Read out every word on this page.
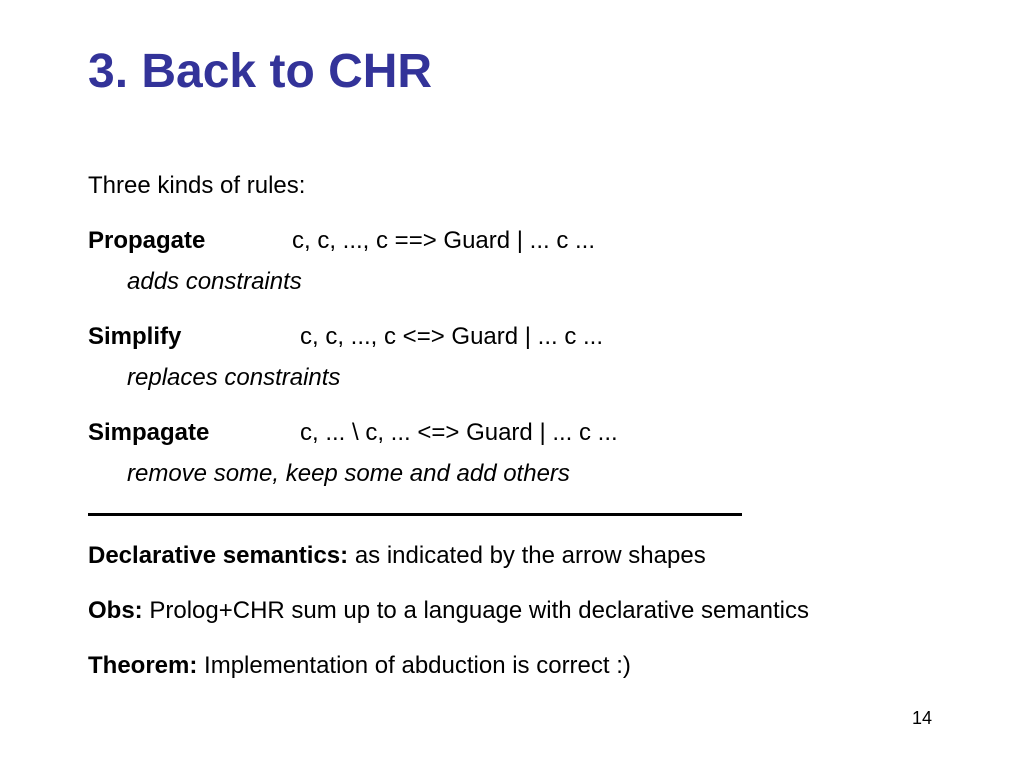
3. Back to CHR
Three kinds of rules:
Propagate	c, c, ..., c ==> Guard | ... c ...
adds constraints
Simplify	c, c, ..., c <=> Guard | ... c ...
replaces constraints
Simpagate	c, ... \ c, ... <=> Guard | ... c ...
remove some, keep some and add others
Declarative semantics: as indicated by the arrow shapes
Obs: Prolog+CHR sum up to a language with declarative semantics
Theorem: Implementation of abduction is correct :)
14
